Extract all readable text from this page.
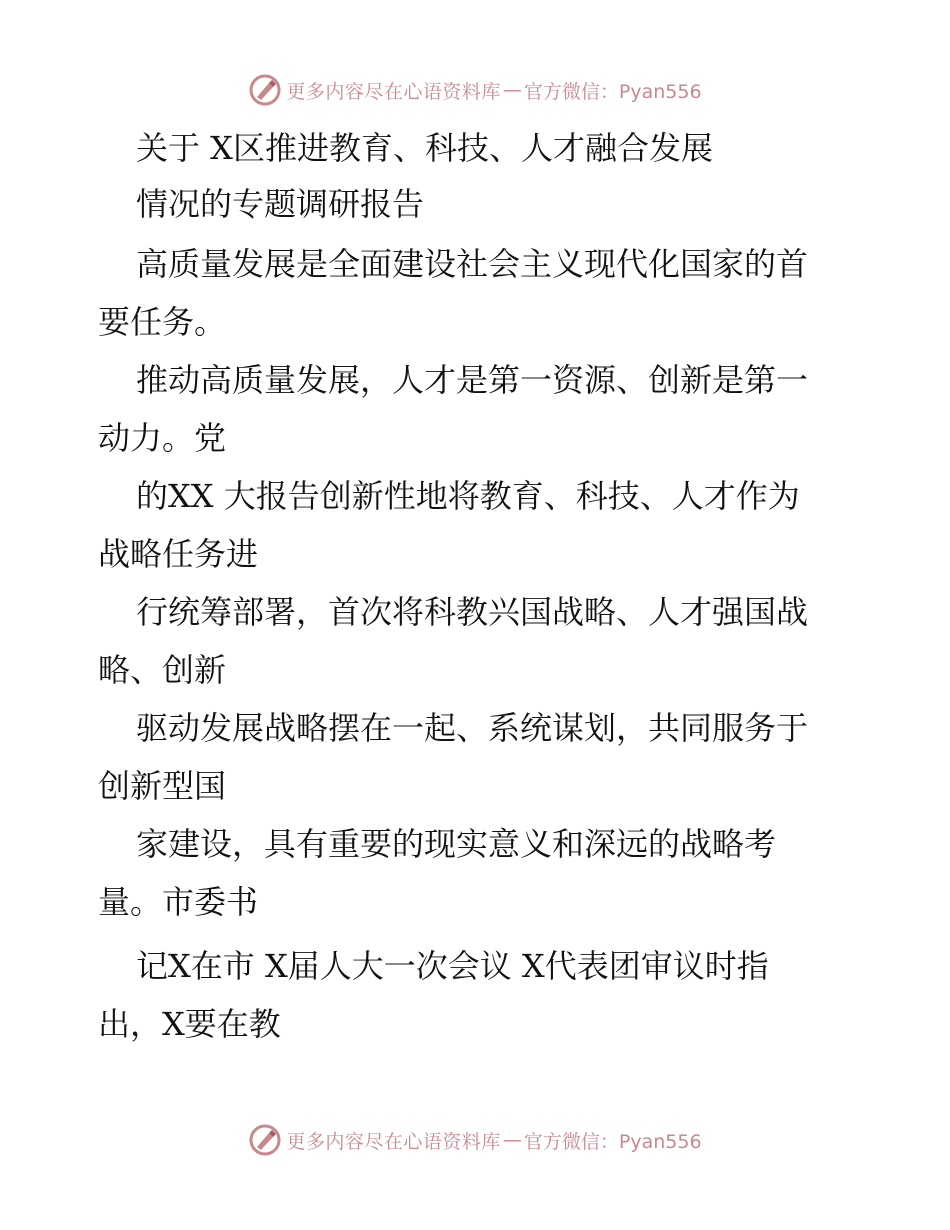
更多内容尽在心语资料库 — 官方微信：Pyan556
关于 X区推进教育、科技、人才融合发展
情况的专题调研报告
高质量发展是全面建设社会主义现代化国家的首
要任务。
推动高质量发展，人才是第一资源、创新是第一
动力。党
的XX 大报告创新性地将教育、科技、人才作为
战略任务进
行统筹部署，首次将科教兴国战略、人才强国战
略、创新
驱动发展战略摆在一起、系统谋划，共同服务于
创新型国
家建设，具有重要的现实意义和深远的战略考
量。市委书
记X在市 X届人大一次会议 X代表团审议时指
出，X要在教
更多内容尽在心语资料库 — 官方微信：Pyan556
